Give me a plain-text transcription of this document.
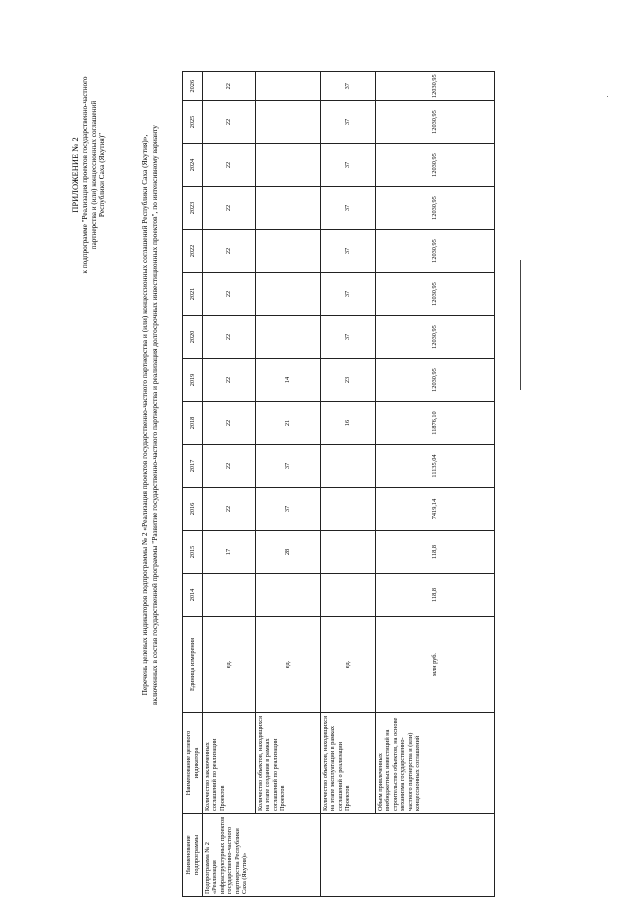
ПРИЛОЖЕНИЕ № 2 к подпрограмме "Реализация проектов государственно-частного партнерства и (или) концессионных соглашений Республики Саха (Якутия)"	Перечень целевых индикаторов подпрограммы № 2 «Реализация проектов государственно-частного партнерства и (или) концессионных соглашений Республики Саха (Якутия)», включенных в состав государственной программы "Развитие государственно-частного партнерства и реализация долгосрочных инвестиционных проектов", по интенсивному варианту
Наименование подпрограммы	Наименование целевого индикатора	Единица измерения	2014	2015	2016	2017	2018	2019	2020	2021	2022	2023	2024	2025	2026
Подпрограмма № 2 «Реализация инфраструктурных проектов государственно-частного партнерства Республики Саха (Якутия)»	Количество заключенных соглашений по реализации Проектов	ед.		17	22	22	22	22	22	22	22	22	22	22	22
	Количество объектов, находящихся на этапе создания в рамках соглашений по реализации Проектов	ед.		28	37	37	21	14							
	Количество объектов, находящихся на этапе эксплуатации в рамках соглашений о реализации Проектов	ед.					16	23	37	37	37	37	37	37	37
	Объем привлеченных внебюджетных инвестиций на строительство объектов, на основе механизма государственно-частного партнерства и (или) концессионных соглашений	млн руб.	118,8	118,8	7419,14	11135,04	11876,10	12030,95	12030,95	12030,95	12030,95	12030,95	12030,95	12030,95	12030,95
